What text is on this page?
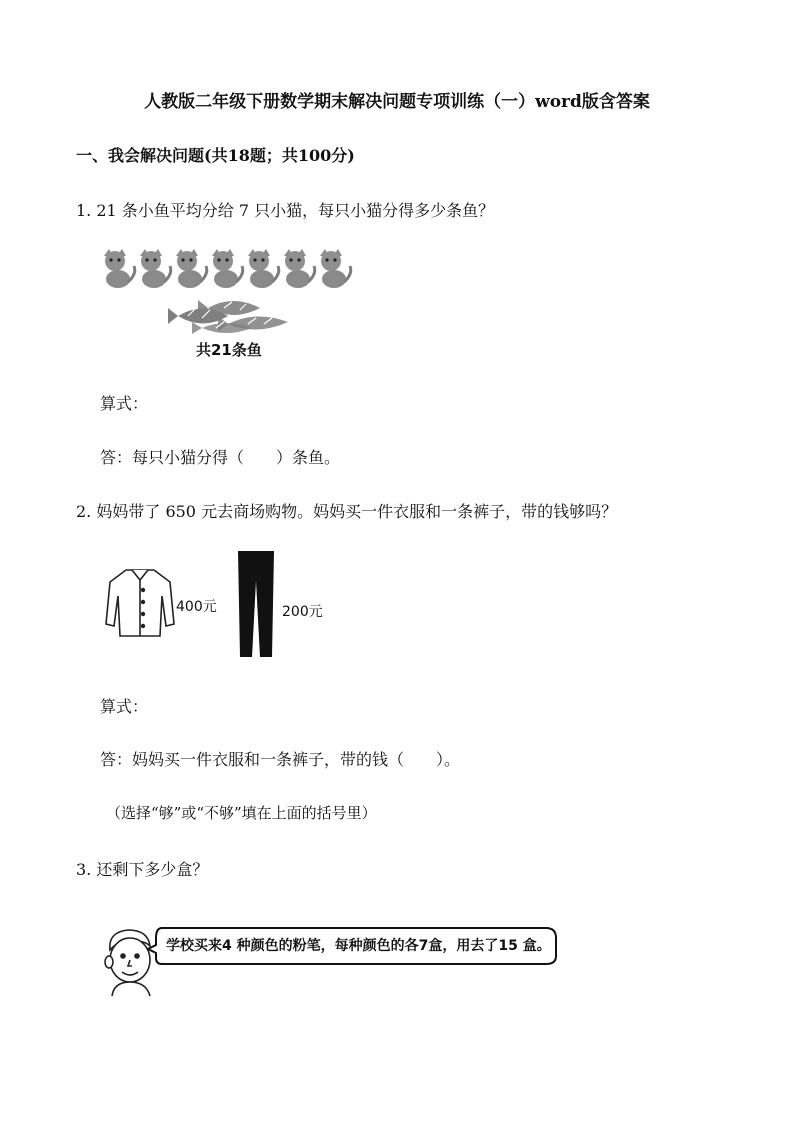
人教版二年级下册数学期末解决问题专项训练（一）word版含答案
一、我会解决问题(共18题；共100分)
1. 21 条小鱼平均分给 7 只小猫，每只小猫分得多少条鱼？
共21条鱼
算式：
答：每只小猫分得（　　）条鱼。
2. 妈妈带了 650 元去商场购物。妈妈买一件衣服和一条裤子，带的钱够吗？
400元	200元
算式：
答：妈妈买一件衣服和一条裤子，带的钱（　　）。
（选择“够”或“不够”填在上面的括号里）
3. 还剩下多少盒？
学校买来4 种颜色的粉笔，每种颜色的各7盒，用去了15 盒。
